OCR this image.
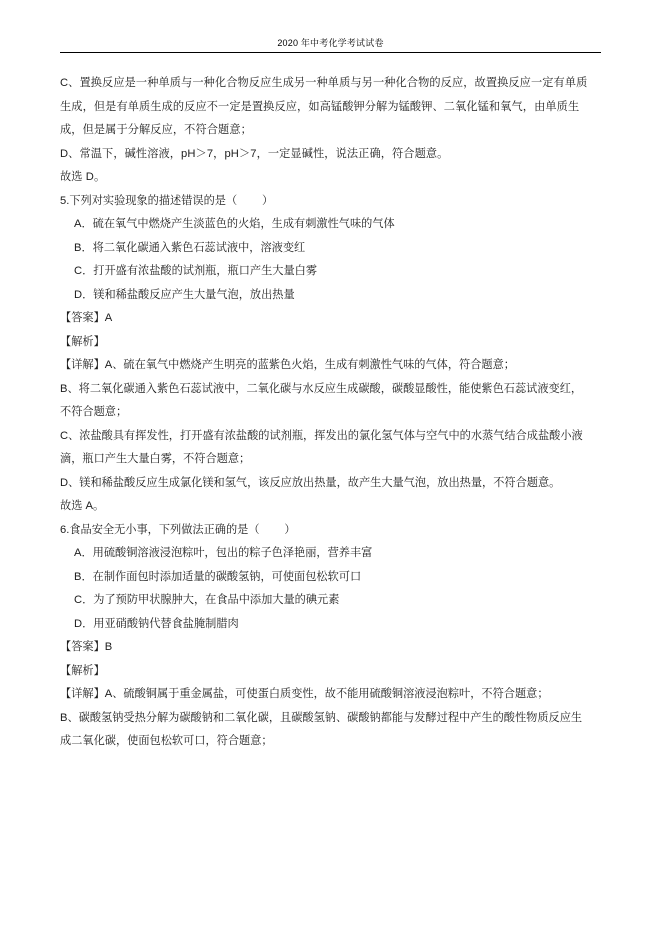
2020 年中考化学考试试卷

C、置换反应是一种单质与一种化合物反应生成另一种单质与另一种化合物的反应，故置换反应一定有单质

生成，但是有单质生成的反应不一定是置换反应，如高锰酸钾分解为锰酸钾、二氧化锰和氧气，由单质生

成，但是属于分解反应，不符合题意；

D、常温下，碱性溶液，pH＞7，pH＞7，一定显碱性，说法正确，符合题意。

故选 D。

5.下列对实验现象的描述错误的是（        ）

A．硫在氧气中燃烧产生淡蓝色的火焰，生成有刺激性气味的气体

B．将二氧化碳通入紫色石蕊试液中，溶液变红

C．打开盛有浓盐酸的试剂瓶，瓶口产生大量白雾

D．镁和稀盐酸反应产生大量气泡，放出热量

【答案】A

【解析】

【详解】A、硫在氧气中燃烧产生明亮的蓝紫色火焰，生成有刺激性气味的气体，符合题意；

B、将二氧化碳通入紫色石蕊试液中，二氧化碳与水反应生成碳酸，碳酸显酸性，能使紫色石蕊试液变红，

不符合题意；

C、浓盐酸具有挥发性，打开盛有浓盐酸的试剂瓶，挥发出的氯化氢气体与空气中的水蒸气结合成盐酸小液

滴，瓶口产生大量白雾，不符合题意；

D、镁和稀盐酸反应生成氯化镁和氢气，该反应放出热量，故产生大量气泡，放出热量，不符合题意。

故选 A。

6.食品安全无小事，下列做法正确的是（        ）

A．用硫酸铜溶液浸泡粽叶，包出的粽子色泽艳丽，营养丰富

B．在制作面包时添加适量的碳酸氢钠，可使面包松软可口

C．为了预防甲状腺肿大，在食品中添加大量的碘元素

D．用亚硝酸钠代替食盐腌制腊肉

【答案】B

【解析】

【详解】A、硫酸铜属于重金属盐，可使蛋白质变性，故不能用硫酸铜溶液浸泡粽叶，不符合题意；

B、碳酸氢钠受热分解为碳酸钠和二氧化碳，且碳酸氢钠、碳酸钠都能与发酵过程中产生的酸性物质反应生

成二氧化碳，使面包松软可口，符合题意；
